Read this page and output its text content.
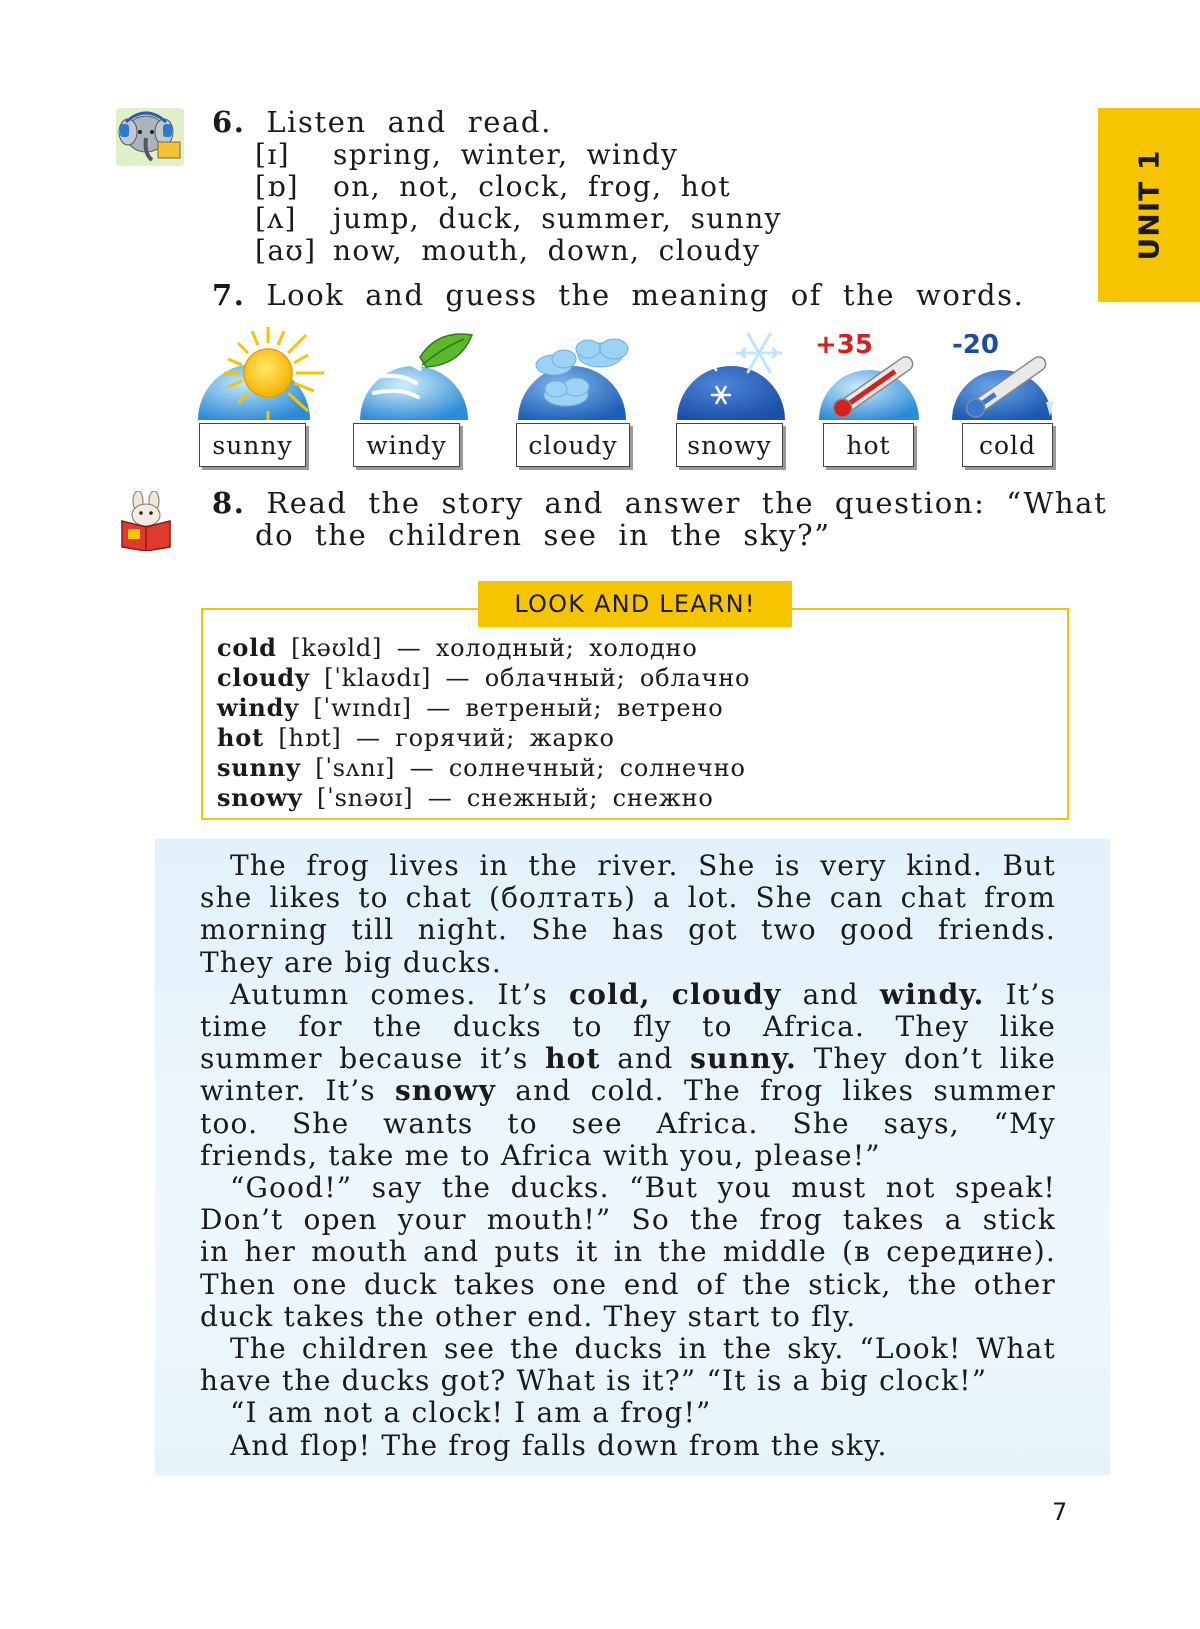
UNIT 1
6. Listen and read.
[ɪ] spring, winter, windy
[ɒ] on, not, clock, frog, hot
[ʌ] jump, duck, summer, sunny
[aʊ] now, mouth, down, cloudy
7. Look and guess the meaning of the words.
+35	-20
sunny	windy	cloudy	snowy	hot	cold
8. Read the story and answer the question: “What
do the children see in the sky?”
LOOK AND LEARN!
cold [kəʊld] — холодный; холодно
cloudy [ˈklaʊdɪ] — облачный; облачно
windy [ˈwɪndɪ] — ветреный; ветрено
hot [hɒt] — горячий; жарко
sunny [ˈsʌnɪ] — солнечный; солнечно
snowy [ˈsnəʊɪ] — снежный; снежно

The frog lives in the river. She is very kind. But

she likes to chat (болтать) a lot. She can chat from

morning till night. She has got two good friends.

They are big ducks.

Autumn comes. It’s cold, cloudy and windy. It’s

time for the ducks to fly to Africa. They like

summer because it’s hot and sunny. They don’t like

winter. It’s snowy and cold. The frog likes summer

too. She wants to see Africa. She says, “My

friends, take me to Africa with you, please!”

“Good!” say the ducks. “But you must not speak!

Don’t open your mouth!” So the frog takes a stick

in her mouth and puts it in the middle (в середине).

Then one duck takes one end of the stick, the other

duck takes the other end. They start to fly.

The children see the ducks in the sky. “Look! What

have the ducks got? What is it?” “It is a big clock!”

“I am not a clock! I am a frog!”

And flop! The frog falls down from the sky.

7
